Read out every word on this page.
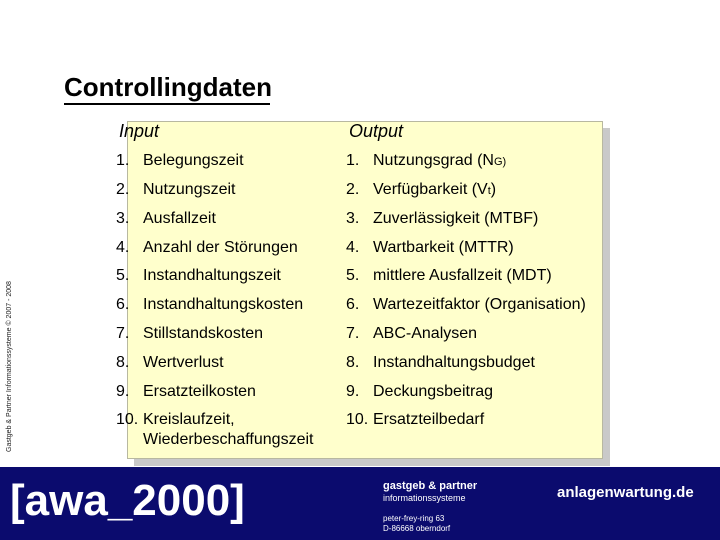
Controllingdaten
Gastgeb & Partner Informationssysteme © 2007 - 2008
Input	Output
1. Belegungszeit
2. Nutzungszeit
3. Ausfallzeit
4. Anzahl der Störungen
5. Instandhaltungszeit
6. Instandhaltungskosten
7. Stillstandskosten
8. Wertverlust
9. Ersatzteilkosten
10. Kreislaufzeit,
Wiederbeschaffungszeit
1. Nutzungsgrad (NG)
2. Verfügbarkeit (Vt)
3. Zuverlässigkeit (MTBF)
4. Wartbarkeit (MTTR)
5. mittlere Ausfallzeit (MDT)
6. Wartezeitfaktor (Organisation)
7. ABC-Analysen
8. Instandhaltungsbudget
9. Deckungsbeitrag
10. Ersatzteilbedarf
[awa_2000]	gastgeb & partner
informationssysteme
peter-frey-ring 63
D-86668 oberndorf
anlagenwartung.de
